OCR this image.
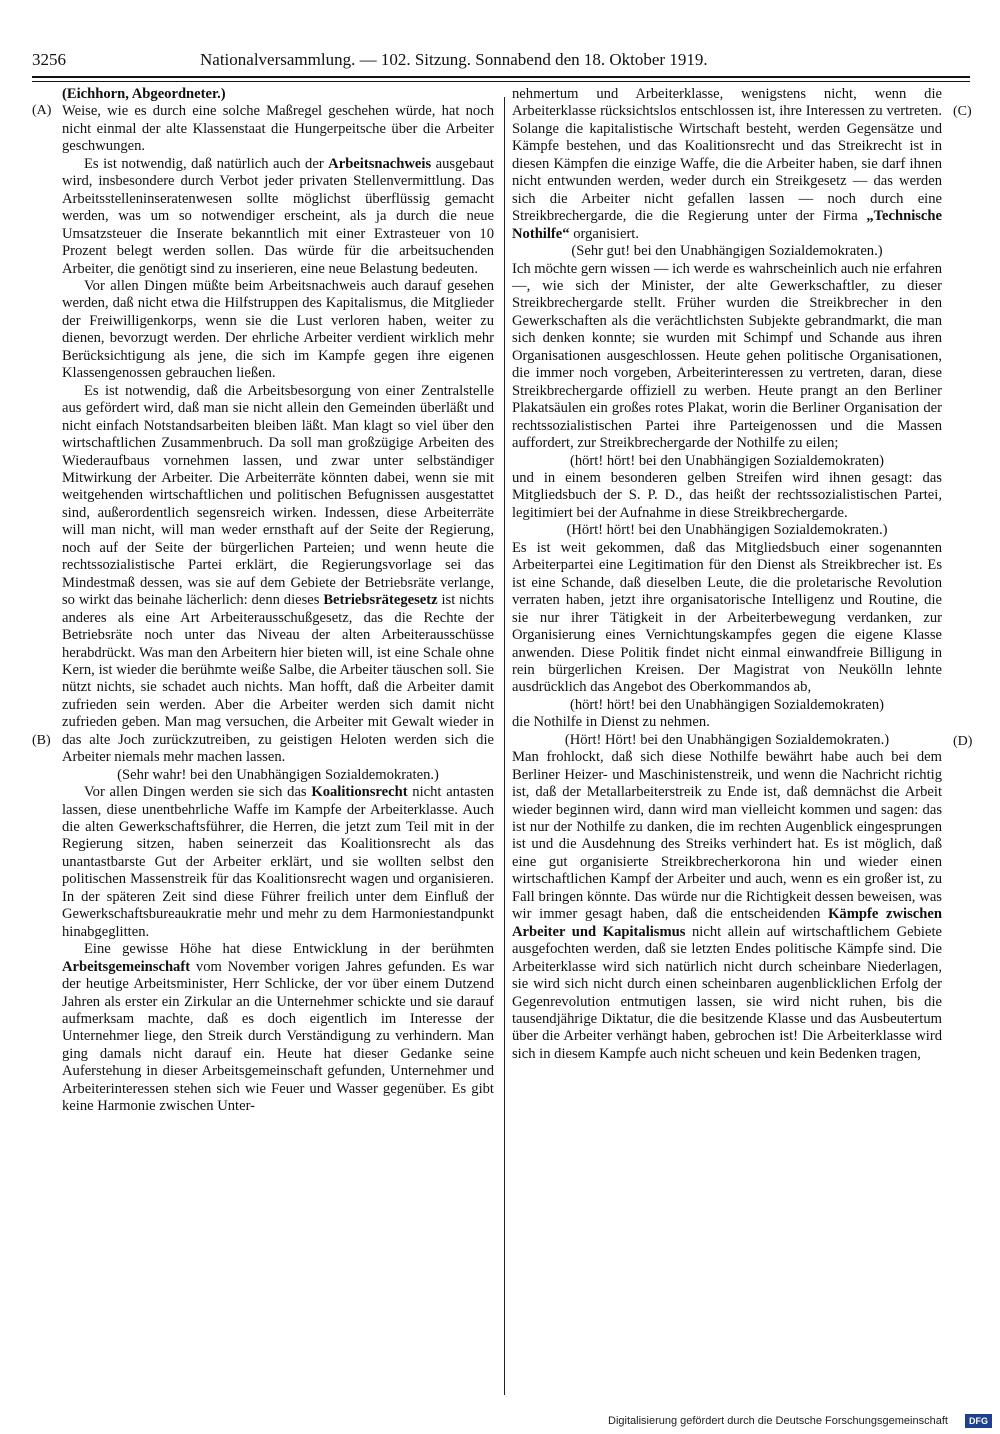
3256	Nationalversammlung. — 102. Sitzung. Sonnabend den 18. Oktober 1919.
(A)
(B)
(C)
(D)

(Eichhorn, Abgeordneter.)

Weise, wie es durch eine solche Maßregel geschehen würde, hat noch nicht einmal der alte Klassenstaat die Hungerpeitsche über die Arbeiter geschwungen.

Es ist notwendig, daß natürlich auch der Arbeitsnachweis ausgebaut wird, insbesondere durch Verbot jeder privaten Stellenvermittlung. Das Arbeitsstelleninseratenwesen sollte möglichst überflüssig gemacht werden, was um so notwendiger erscheint, als ja durch die neue Umsatzsteuer die Inserate bekanntlich mit einer Extrasteuer von 10 Prozent belegt werden sollen. Das würde für die arbeitsuchenden Arbeiter, die genötigt sind zu inserieren, eine neue Belastung bedeuten.

Vor allen Dingen müßte beim Arbeitsnachweis auch darauf gesehen werden, daß nicht etwa die Hilfstruppen des Kapitalismus, die Mitglieder der Freiwilligenkorps, wenn sie die Lust verloren haben, weiter zu dienen, bevorzugt werden. Der ehrliche Arbeiter verdient wirklich mehr Berücksichtigung als jene, die sich im Kampfe gegen ihre eigenen Klassengenossen gebrauchen ließen.

Es ist notwendig, daß die Arbeitsbesorgung von einer Zentralstelle aus gefördert wird, daß man sie nicht allein den Gemeinden überläßt und nicht einfach Notstandsarbeiten bleiben läßt. Man klagt so viel über den wirtschaftlichen Zusammenbruch. Da soll man großzügige Arbeiten des Wiederaufbaus vornehmen lassen, und zwar unter selbständiger Mitwirkung der Arbeiter. Die Arbeiterräte könnten dabei, wenn sie mit weitgehenden wirtschaftlichen und politischen Befugnissen ausgestattet sind, außerordentlich segensreich wirken. Indessen, diese Arbeiterräte will man nicht, will man weder ernsthaft auf der Seite der Regierung, noch auf der Seite der bürgerlichen Parteien; und wenn heute die rechtssozialistische Partei erklärt, die Regierungsvorlage sei das Mindestmaß dessen, was sie auf dem Gebiete der Betriebsräte verlange, so wirkt das beinahe lächerlich: denn dieses Betriebsrätegesetz ist nichts anderes als eine Art Arbeiterausschußgesetz, das die Rechte der Betriebsräte noch unter das Niveau der alten Arbeiterausschüsse herabdrückt. Was man den Arbeitern hier bieten will, ist eine Schale ohne Kern, ist wieder die berühmte weiße Salbe, die Arbeiter täuschen soll. Sie nützt nichts, sie schadet auch nichts. Man hofft, daß die Arbeiter damit zufrieden sein werden. Aber die Arbeiter werden sich damit nicht zufrieden geben. Man mag versuchen, die Arbeiter mit Gewalt wieder in das alte Joch zurückzutreiben, zu geistigen Heloten werden sich die Arbeiter niemals mehr machen lassen.

(Sehr wahr! bei den Unabhängigen Sozialdemokraten.)

Vor allen Dingen werden sie sich das Koalitionsrecht nicht antasten lassen, diese unentbehrliche Waffe im Kampfe der Arbeiterklasse. Auch die alten Gewerkschaftsführer, die Herren, die jetzt zum Teil mit in der Regierung sitzen, haben seinerzeit das Koalitionsrecht als das unantastbarste Gut der Arbeiter erklärt, und sie wollten selbst den politischen Massenstreik für das Koalitionsrecht wagen und organisieren. In der späteren Zeit sind diese Führer freilich unter dem Einfluß der Gewerkschaftsbureaukratie mehr und mehr zu dem Harmoniestandpunkt hinabgeglitten.

Eine gewisse Höhe hat diese Entwicklung in der berühmten Arbeitsgemeinschaft vom November vorigen Jahres gefunden. Es war der heutige Arbeitsminister, Herr Schlicke, der vor über einem Dutzend Jahren als erster ein Zirkular an die Unternehmer schickte und sie darauf aufmerksam machte, daß es doch eigentlich im Interesse der Unternehmer liege, den Streik durch Verständigung zu verhindern. Man ging damals nicht darauf ein. Heute hat dieser Gedanke seine Auferstehung in dieser Arbeitsgemeinschaft gefunden, Unternehmer und Arbeiterinteressen stehen sich wie Feuer und Wasser gegenüber. Es gibt keine Harmonie zwischen Unter-

nehmertum und Arbeiterklasse, wenigstens nicht, wenn die Arbeiterklasse rücksichtslos entschlossen ist, ihre Interessen zu vertreten. Solange die kapitalistische Wirtschaft besteht, werden Gegensätze und Kämpfe bestehen, und das Koalitionsrecht und das Streikrecht ist in diesen Kämpfen die einzige Waffe, die die Arbeiter haben, sie darf ihnen nicht entwunden werden, weder durch ein Streikgesetz — das werden sich die Arbeiter nicht gefallen lassen — noch durch eine Streikbrechergarde, die die Regierung unter der Firma „Technische Nothilfe“ organisiert.

(Sehr gut! bei den Unabhängigen Sozialdemokraten.)

Ich möchte gern wissen — ich werde es wahrscheinlich auch nie erfahren —, wie sich der Minister, der alte Gewerkschaftler, zu dieser Streikbrechergarde stellt. Früher wurden die Streikbrecher in den Gewerkschaften als die verächtlichsten Subjekte gebrandmarkt, die man sich denken konnte; sie wurden mit Schimpf und Schande aus ihren Organisationen ausgeschlossen. Heute gehen politische Organisationen, die immer noch vorgeben, Arbeiterinteressen zu vertreten, daran, diese Streikbrechergarde offiziell zu werben. Heute prangt an den Berliner Plakatsäulen ein großes rotes Plakat, worin die Berliner Organisation der rechtssozialistischen Partei ihre Parteigenossen und die Massen auffordert, zur Streikbrechergarde der Nothilfe zu eilen;

(hört! hört! bei den Unabhängigen Sozialdemokraten)

und in einem besonderen gelben Streifen wird ihnen gesagt: das Mitgliedsbuch der S. P. D., das heißt der rechtssozialistischen Partei, legitimiert bei der Aufnahme in diese Streikbrechergarde.

(Hört! hört! bei den Unabhängigen Sozialdemokraten.)

Es ist weit gekommen, daß das Mitgliedsbuch einer sogenannten Arbeiterpartei eine Legitimation für den Dienst als Streikbrecher ist. Es ist eine Schande, daß dieselben Leute, die die proletarische Revolution verraten haben, jetzt ihre organisatorische Intelligenz und Routine, die sie nur ihrer Tätigkeit in der Arbeiterbewegung verdanken, zur Organisierung eines Vernichtungskampfes gegen die eigene Klasse anwenden. Diese Politik findet nicht einmal einwandfreie Billigung in rein bürgerlichen Kreisen. Der Magistrat von Neukölln lehnte ausdrücklich das Angebot des Oberkommandos ab,

(hört! hört! bei den Unabhängigen Sozialdemokraten)

die Nothilfe in Dienst zu nehmen.

(Hört! Hört! bei den Unabhängigen Sozialdemokraten.)

Man frohlockt, daß sich diese Nothilfe bewährt habe auch bei dem Berliner Heizer- und Maschinistenstreik, und wenn die Nachricht richtig ist, daß der Metallarbeiterstreik zu Ende ist, daß demnächst die Arbeit wieder beginnen wird, dann wird man vielleicht kommen und sagen: das ist nur der Nothilfe zu danken, die im rechten Augenblick eingesprungen ist und die Ausdehnung des Streiks verhindert hat. Es ist möglich, daß eine gut organisierte Streikbrecherkorona hin und wieder einen wirtschaftlichen Kampf der Arbeiter und auch, wenn es ein großer ist, zu Fall bringen könnte. Das würde nur die Richtigkeit dessen beweisen, was wir immer gesagt haben, daß die entscheidenden Kämpfe zwischen Arbeiter und Kapitalismus nicht allein auf wirtschaftlichem Gebiete ausgefochten werden, daß sie letzten Endes politische Kämpfe sind. Die Arbeiterklasse wird sich natürlich nicht durch scheinbare Niederlagen, sie wird sich nicht durch einen scheinbaren augenblicklichen Erfolg der Gegenrevolution entmutigen lassen, sie wird nicht ruhen, bis die tausendjährige Diktatur, die die besitzende Klasse und das Ausbeutertum über die Arbeiter verhängt haben, gebrochen ist! Die Arbeiterklasse wird sich in diesem Kampfe auch nicht scheuen und kein Bedenken tragen,

Digitalisierung gefördert durch die Deutsche Forschungsgemeinschaft	DFG
